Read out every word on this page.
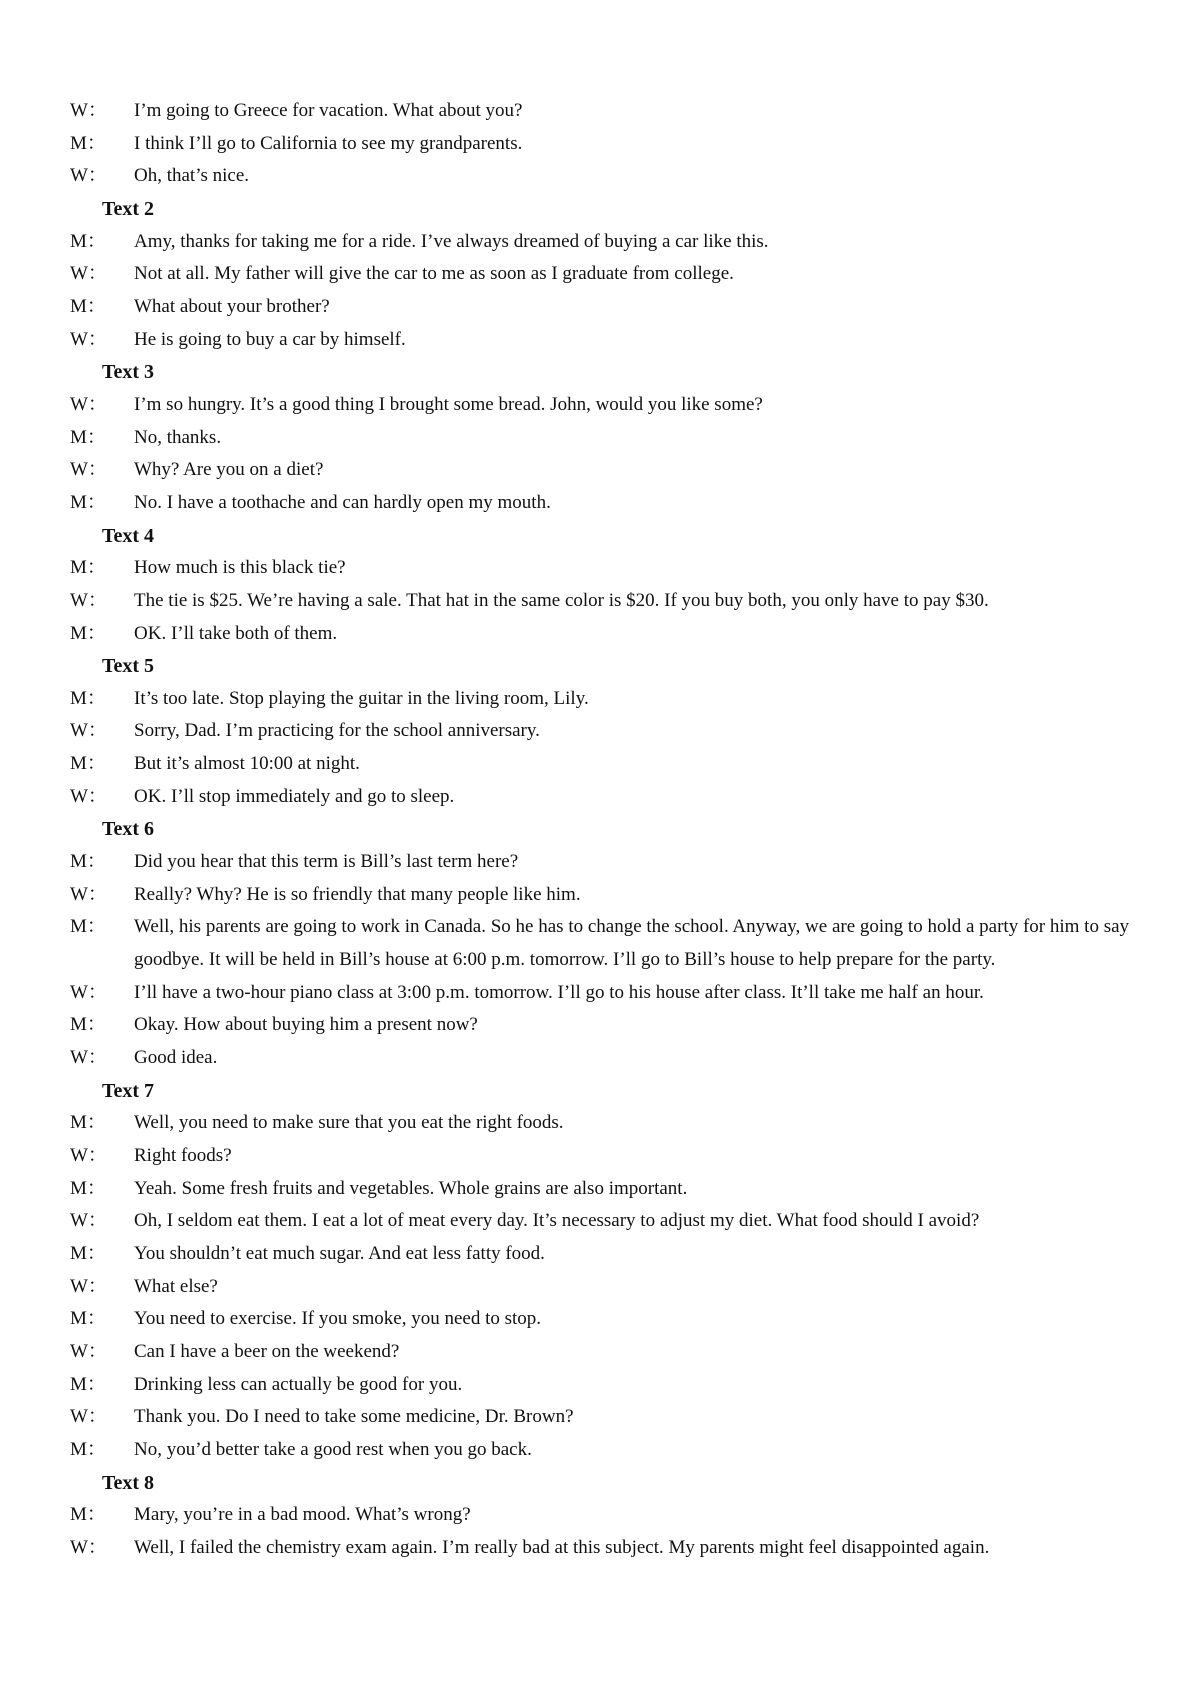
W： I’m going to Greece for vacation. What about you?

M： I think I’ll go to California to see my grandparents.

W： Oh, that’s nice.

Text 2

M： Amy, thanks for taking me for a ride. I’ve always dreamed of buying a car like this.

W： Not at all. My father will give the car to me as soon as I graduate from college.

M： What about your brother?

W： He is going to buy a car by himself.

Text 3

W： I’m so hungry. It’s a good thing I brought some bread. John, would you like some?

M： No, thanks.

W： Why? Are you on a diet?

M： No. I have a toothache and can hardly open my mouth.

Text 4

M： How much is this black tie?

W： The tie is $25. We’re having a sale. That hat in the same color is $20. If you buy both, you only have to pay $30.

M： OK. I’ll take both of them.

Text 5

M： It’s too late. Stop playing the guitar in the living room, Lily.

W： Sorry, Dad. I’m practicing for the school anniversary.

M： But it’s almost 10:00 at night.

W： OK. I’ll stop immediately and go to sleep.

Text 6

M： Did you hear that this term is Bill’s last term here?

W： Really? Why? He is so friendly that many people like him.

M： Well, his parents are going to work in Canada. So he has to change the school. Anyway, we are going to hold a party for him to say goodbye. It will be held in Bill’s house at 6:00 p.m. tomorrow. I’ll go to Bill’s house to help prepare for the party.

W： I’ll have a two-hour piano class at 3:00 p.m. tomorrow. I’ll go to his house after class. It’ll take me half an hour.

M： Okay. How about buying him a present now?

W： Good idea.

Text 7

M： Well, you need to make sure that you eat the right foods.

W： Right foods?

M： Yeah. Some fresh fruits and vegetables. Whole grains are also important.

W： Oh, I seldom eat them. I eat a lot of meat every day. It’s necessary to adjust my diet. What food should I avoid?

M： You shouldn’t eat much sugar. And eat less fatty food.

W： What else?

M： You need to exercise. If you smoke, you need to stop.

W： Can I have a beer on the weekend?

M： Drinking less can actually be good for you.

W： Thank you. Do I need to take some medicine, Dr. Brown?

M： No, you’d better take a good rest when you go back.

Text 8

M： Mary, you’re in a bad mood. What’s wrong?

W： Well, I failed the chemistry exam again. I’m really bad at this subject. My parents might feel disappointed again.
